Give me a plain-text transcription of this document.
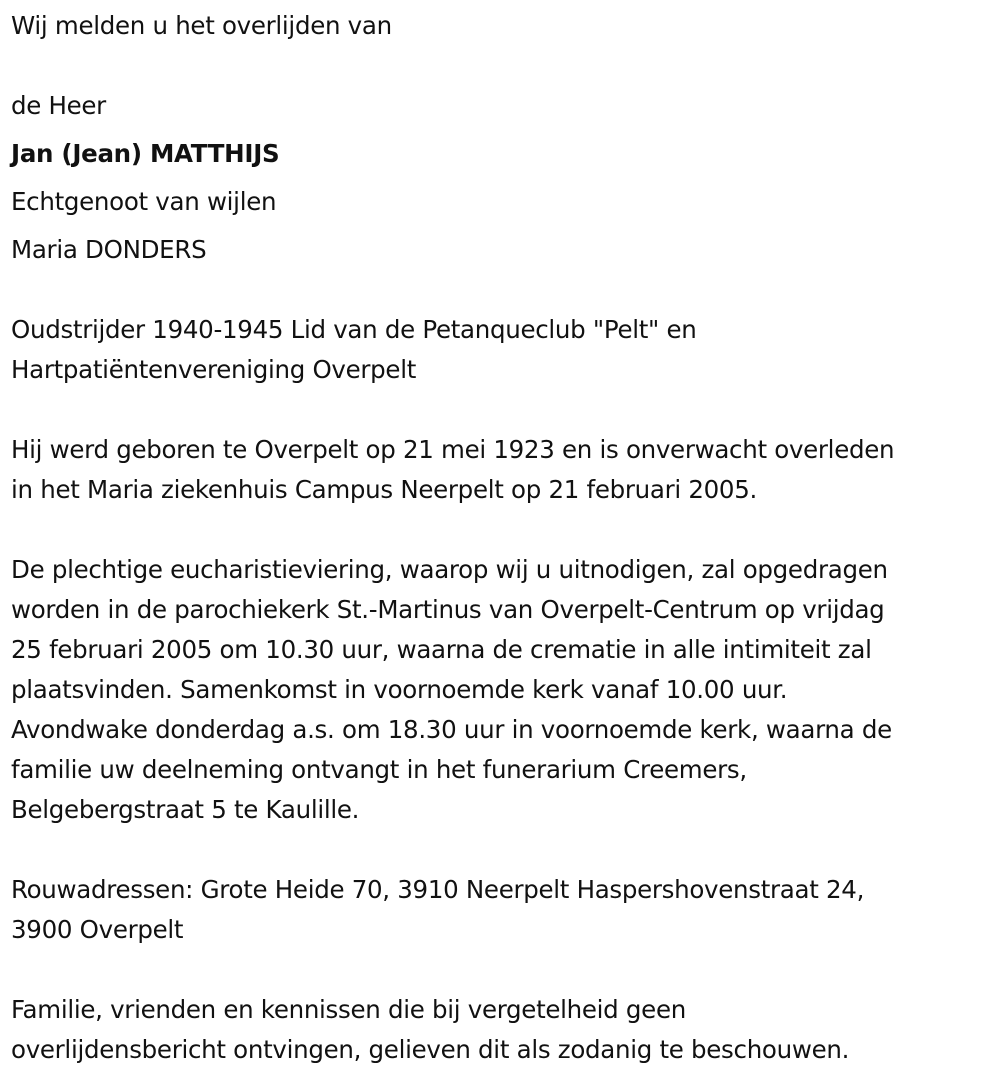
Wij melden u het overlijden van

de Heer

Jan (Jean) MATTHIJS

Echtgenoot van wijlen

Maria DONDERS

Oudstrijder 1940-1945 Lid van de Petanqueclub "Pelt" en

Hartpatiëntenvereniging Overpelt

Hij werd geboren te Overpelt op 21 mei 1923 en is onverwacht overleden

in het Maria ziekenhuis Campus Neerpelt op 21 februari 2005.

De plechtige eucharistieviering, waarop wij u uitnodigen, zal opgedragen

worden in de parochiekerk St.-Martinus van Overpelt-Centrum op vrijdag

25 februari 2005 om 10.30 uur, waarna de crematie in alle intimiteit zal

plaatsvinden. Samenkomst in voornoemde kerk vanaf 10.00 uur.

Avondwake donderdag a.s. om 18.30 uur in voornoemde kerk, waarna de

familie uw deelneming ontvangt in het funerarium Creemers,

Belgebergstraat 5 te Kaulille.

Rouwadressen: Grote Heide 70, 3910 Neerpelt Haspershovenstraat 24,

3900 Overpelt

Familie, vrienden en kennissen die bij vergetelheid geen

overlijdensbericht ontvingen, gelieven dit als zodanig te beschouwen.
